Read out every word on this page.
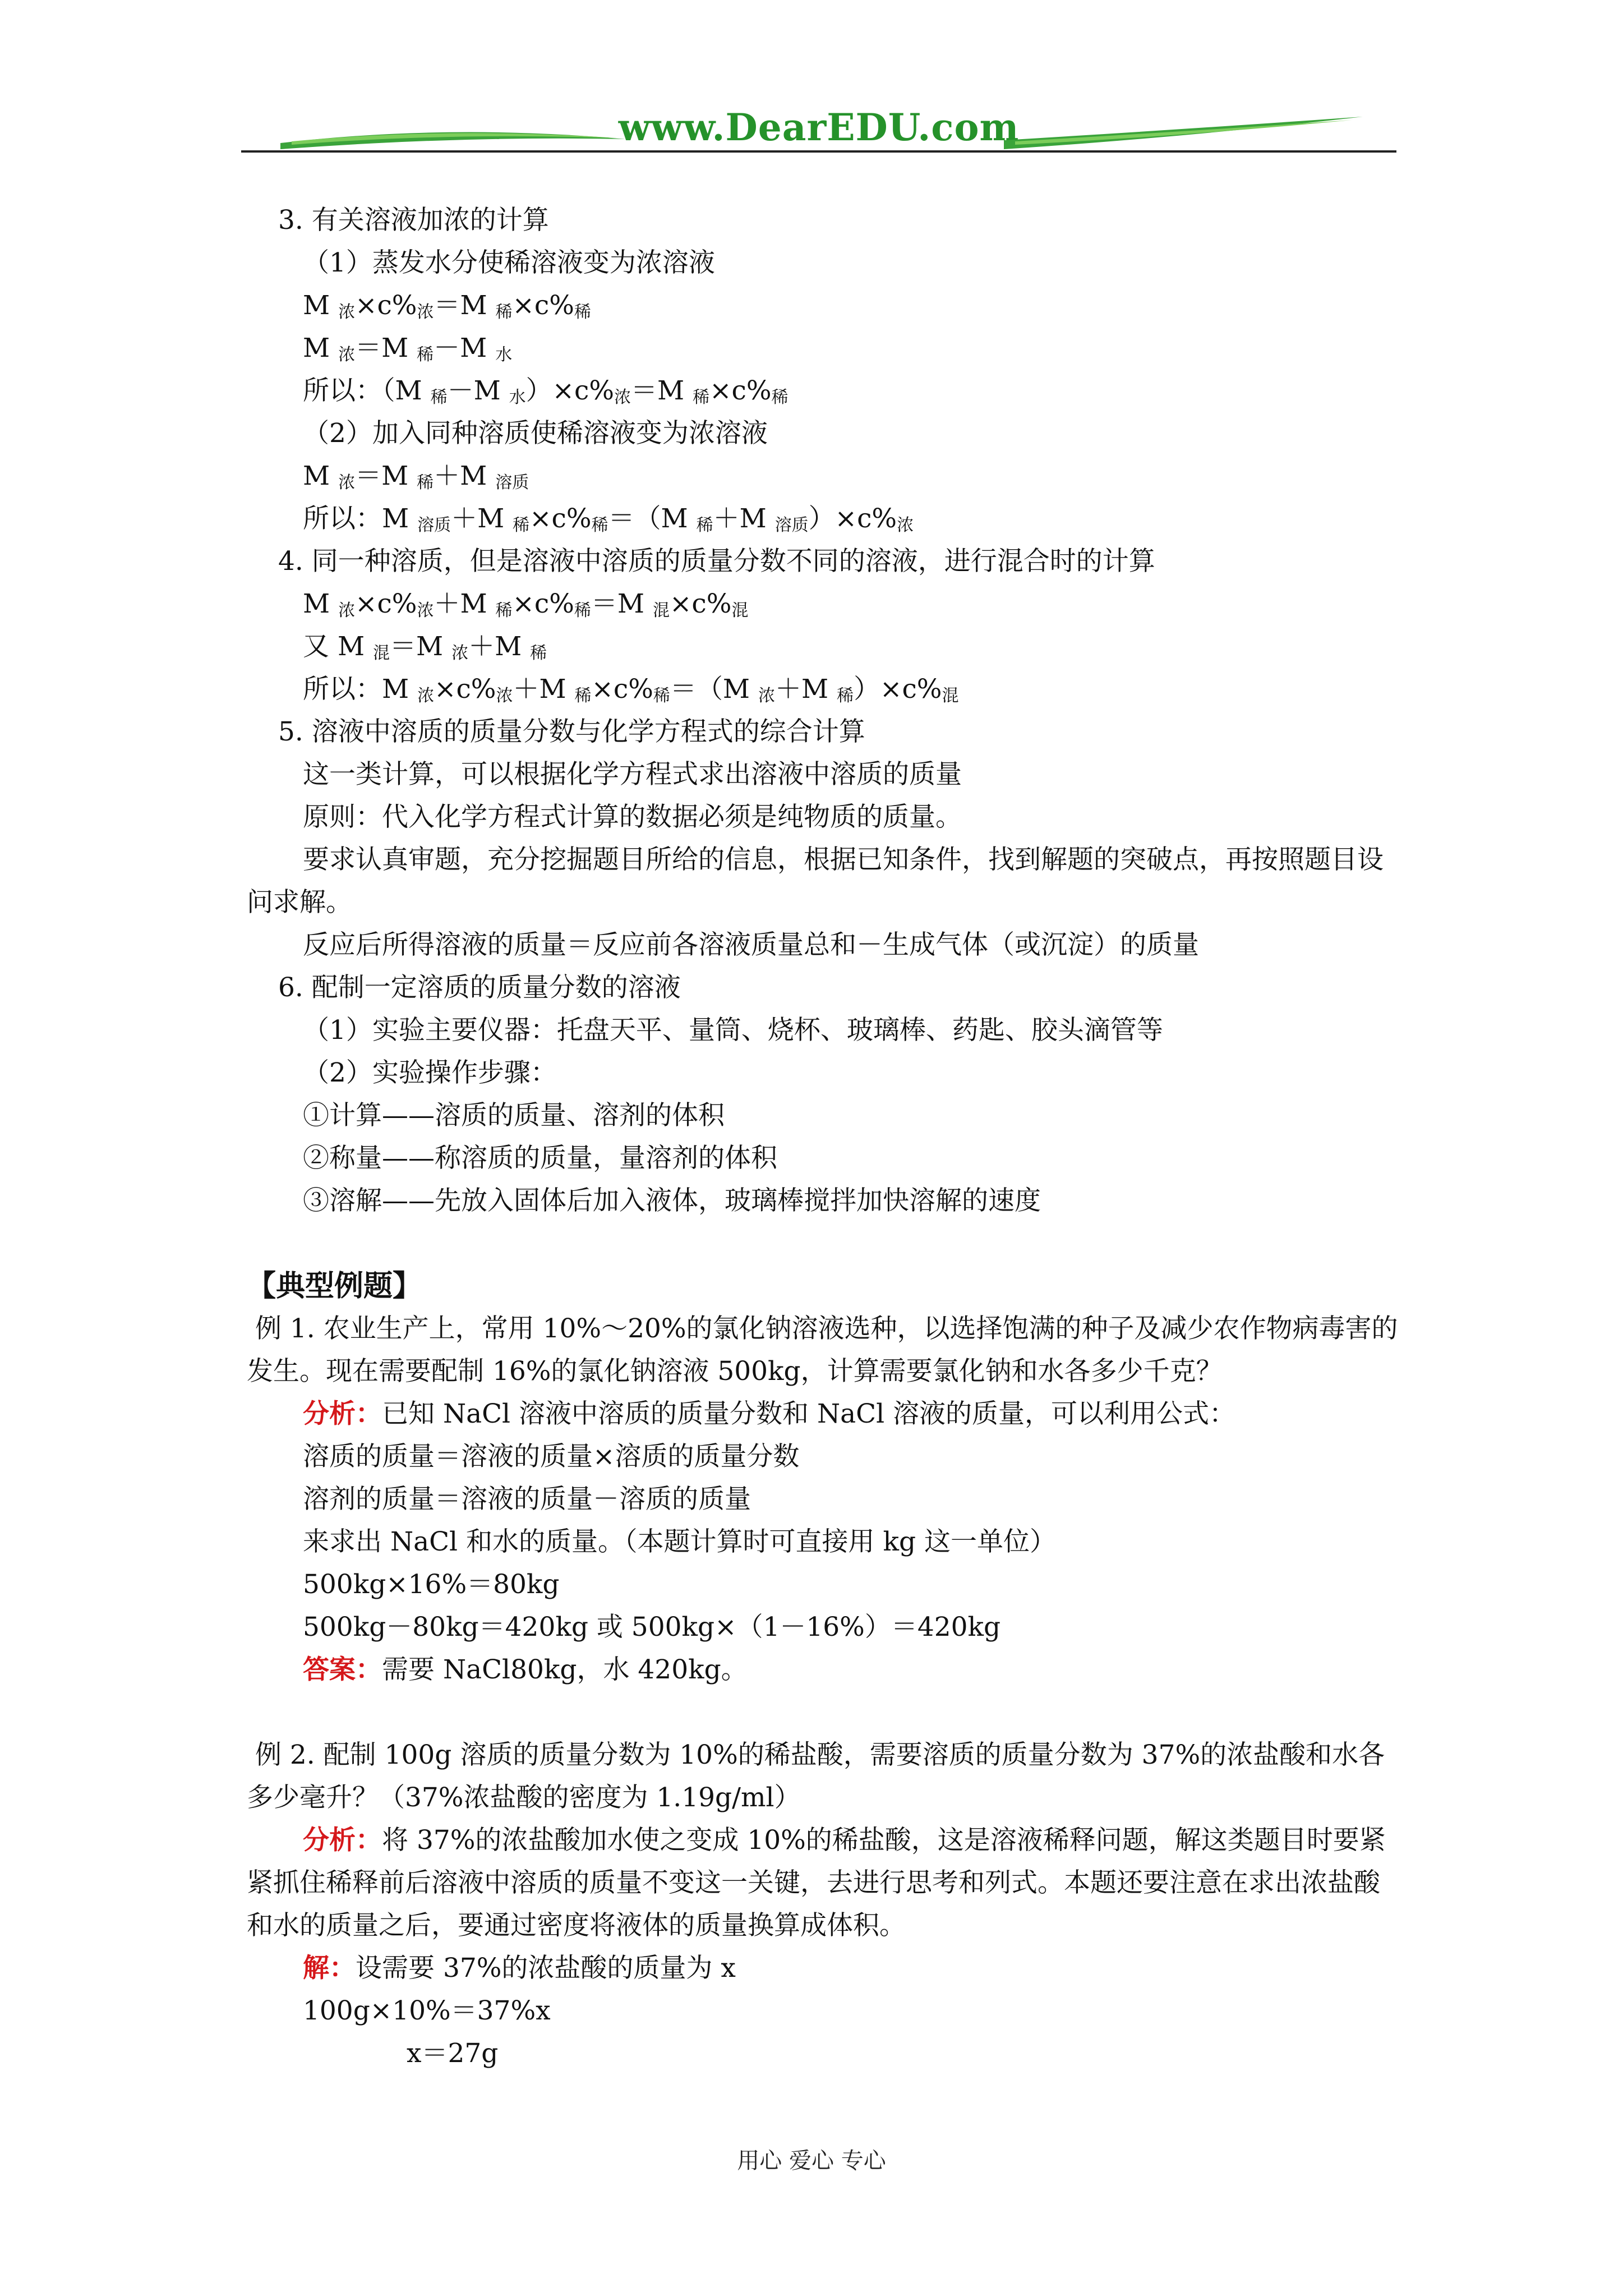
www.DearEDU.com
3. 有关溶液加浓的计算
（1）蒸发水分使稀溶液变为浓溶液
M $_浓\times c\%_浓=M$ $_稀\times c\%_稀$
M $_浓$＝M $_稀$－M $_水$
所以：（M $_稀$－M $_水)\times c\%_浓=M$ $_稀\times c\%_稀$
（2）加入同种溶质使稀溶液变为浓溶液
M $_浓$＝M $_稀$＋M $_{溶质}$
所以：M $_{溶质}$＋M $_稀\times c\%_稀=(M$ $_稀$＋M $_{溶质})\times c\%_浓$
4. 同一种溶质，但是溶液中溶质的质量分数不同的溶液，进行混合时的计算
M $_浓\times c\%_浓+M$ $_稀\times c\%_稀=M$ $_混\times c\%_混$
又 M $_混$＝M $_浓$＋M $_稀$
所以：M $_浓\times c\%_浓+M$ $_稀\times c\%_稀=(M$ $_浓$＋M $_稀)\times c\%_混$
5. 溶液中溶质的质量分数与化学方程式的综合计算
这一类计算，可以根据化学方程式求出溶液中溶质的质量
原则：代入化学方程式计算的数据必须是纯物质的质量。
要求认真审题，充分挖掘题目所给的信息，根据已知条件，找到解题的突破点，再按照题目设问求解。
反应后所得溶液的质量＝反应前各溶液质量总和－生成气体（或沉淀）的质量
6. 配制一定溶质的质量分数的溶液
（1）实验主要仪器：托盘天平、量筒、烧杯、玻璃棒、药匙、胶头滴管等
（2）实验操作步骤：
①计算——溶质的质量、溶剂的体积
②称量——称溶质的质量，量溶剂的体积
③溶解——先放入固体后加入液体，玻璃棒搅拌加快溶解的速度
【典型例题】
例 1. 农业生产上，常用 10%～20%的氯化钠溶液选种，以选择饱满的种子及减少农作物病毒害的发生。现在需要配制 16%的氯化钠溶液 500kg，计算需要氯化钠和水各多少千克？
分析：已知 NaCl 溶液中溶质的质量分数和 NaCl 溶液的质量，可以利用公式：
溶质的质量＝溶液的质量×溶质的质量分数
溶剂的质量＝溶液的质量－溶质的质量
来求出 NaCl 和水的质量。（本题计算时可直接用 kg 这一单位）
500kg×16%＝80kg
500kg－80kg＝420kg 或 500kg×（1－16%）＝420kg
答案：需要 NaCl80kg，水 420kg。
例 2. 配制 100g 溶质的质量分数为 10%的稀盐酸，需要溶质的质量分数为 37%的浓盐酸和水各多少毫升？（37%浓盐酸的密度为 1.19g/ml）
分析：将 37%的浓盐酸加水使之变成 10%的稀盐酸，这是溶液稀释问题，解这类题目时要紧紧抓住稀释前后溶液中溶质的质量不变这一关键，去进行思考和列式。本题还要注意在求出浓盐酸和水的质量之后，要通过密度将液体的质量换算成体积。
解：设需要 37%的浓盐酸的质量为 x
100g×10%＝37%x
x＝27g
用心 爱心 专心
